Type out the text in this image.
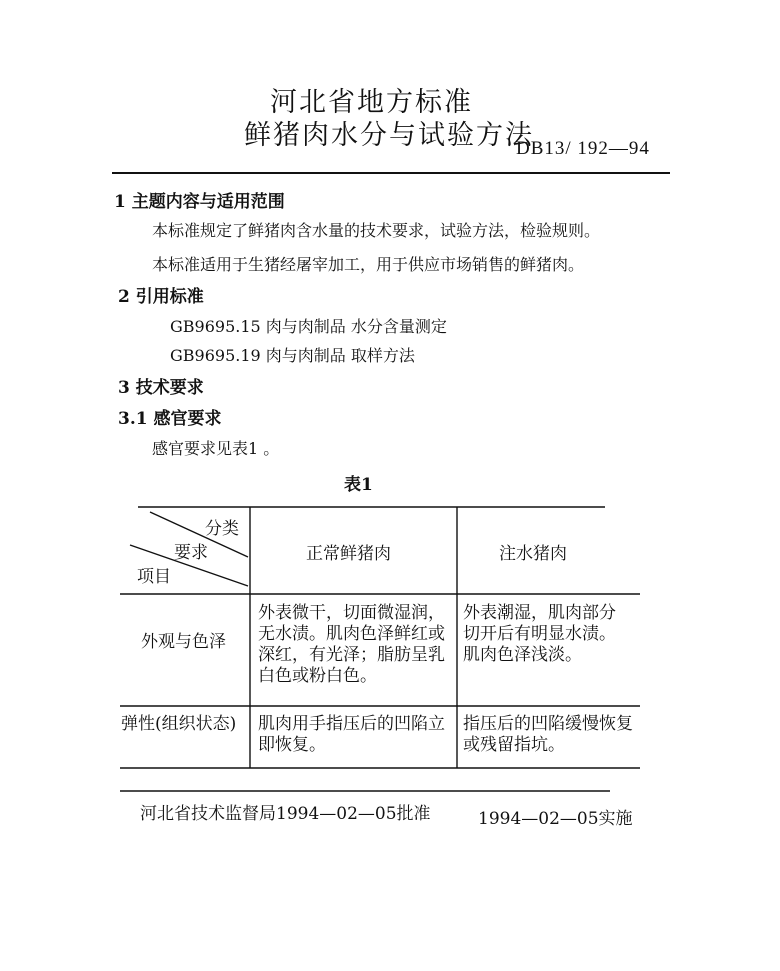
河北省地方标准
鲜猪肉水分与试验方法
DB13/ 192—94
1 主题内容与适用范围
本标准规定了鲜猪肉含水量的技术要求，试验方法，检验规则。
本标准适用于生猪经屠宰加工，用于供应市场销售的鲜猪肉。
2 引用标准
GB9695.15 肉与肉制品 水分含量测定
GB9695.19 肉与肉制品 取样方法
3 技术要求
3.1 感官要求
感官要求见表1 。
表1
分类
要求
项目
正常鲜猪肉	注水猪肉
外观与色泽
外表微干，切面微湿润，
无水渍。肌肉色泽鲜红或
深红，有光泽；脂肪呈乳
白色或粉白色。
外表潮湿，肌肉部分
切开后有明显水渍。
肌肉色泽浅淡。
弹性(组织状态) 肌肉用手指压后的凹陷立
即恢复。
指压后的凹陷缓慢恢复
或残留指坑。
河北省技术监督局1994—02—05批准	1994—02—05实施
